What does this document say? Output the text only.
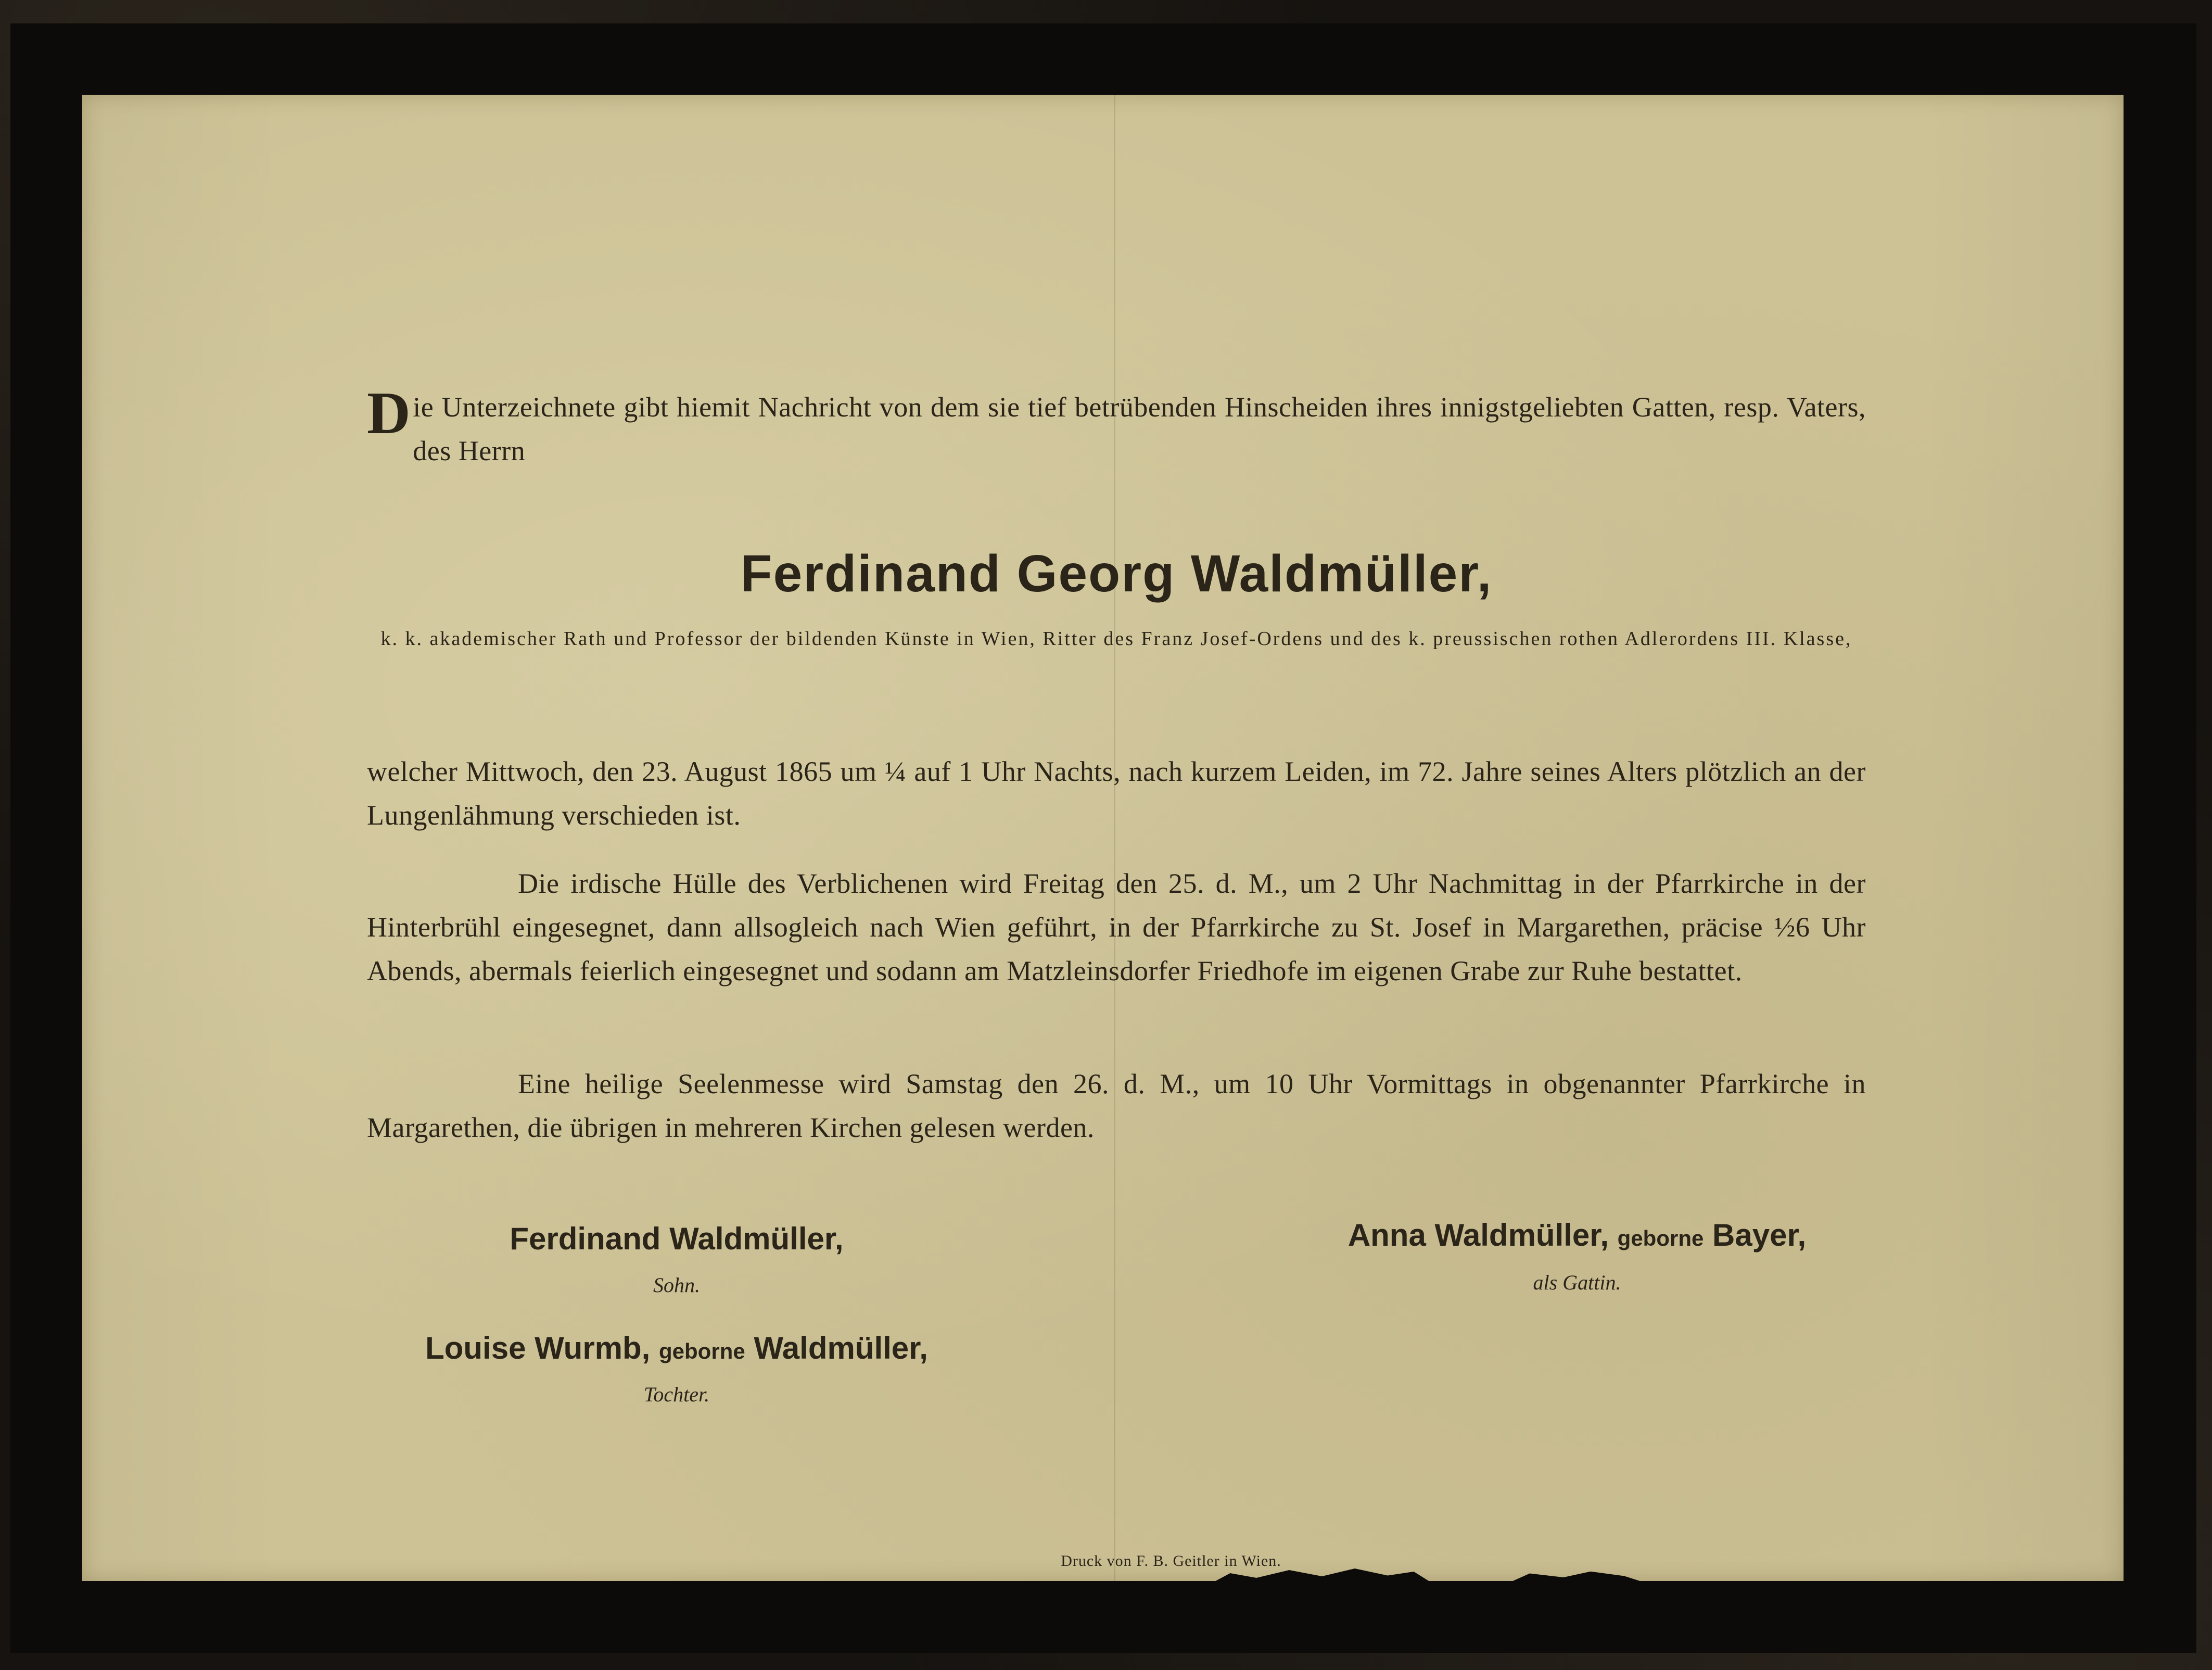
Die Unterzeichnete gibt hiemit Nachricht von dem sie tief betrübenden Hinscheiden ihres innigstgeliebten Gatten, resp. Vaters, des Herrn
Ferdinand Georg Waldmüller,
k. k. akademischer Rath und Professor der bildenden Künste in Wien, Ritter des Franz Josef-Ordens und des k. preussischen rothen Adlerordens III. Klasse,
welcher Mittwoch, den 23. August 1865 um ¼ auf 1 Uhr Nachts, nach kurzem Leiden, im 72. Jahre seines Alters plötzlich an der Lungenlähmung verschieden ist.
Die irdische Hülle des Verblichenen wird Freitag den 25. d. M., um 2 Uhr Nachmittag in der Pfarrkirche in der Hinterbrühl eingesegnet, dann allsogleich nach Wien geführt, in der Pfarrkirche zu St. Josef in Margarethen, präcise ½6 Uhr Abends, abermals feierlich eingesegnet und sodann am Matzleinsdorfer Friedhofe im eigenen Grabe zur Ruhe bestattet.
Eine heilige Seelenmesse wird Samstag den 26. d. M., um 10 Uhr Vormittags in obgenannter Pfarrkirche in Margarethen, die übrigen in mehreren Kirchen gelesen werden.
Ferdinand Waldmüller,
Sohn.
Anna Waldmüller, geborne Bayer,
als Gattin.
Louise Wurmb, geborne Waldmüller,
Tochter.
Druck von F. B. Geitler in Wien.
